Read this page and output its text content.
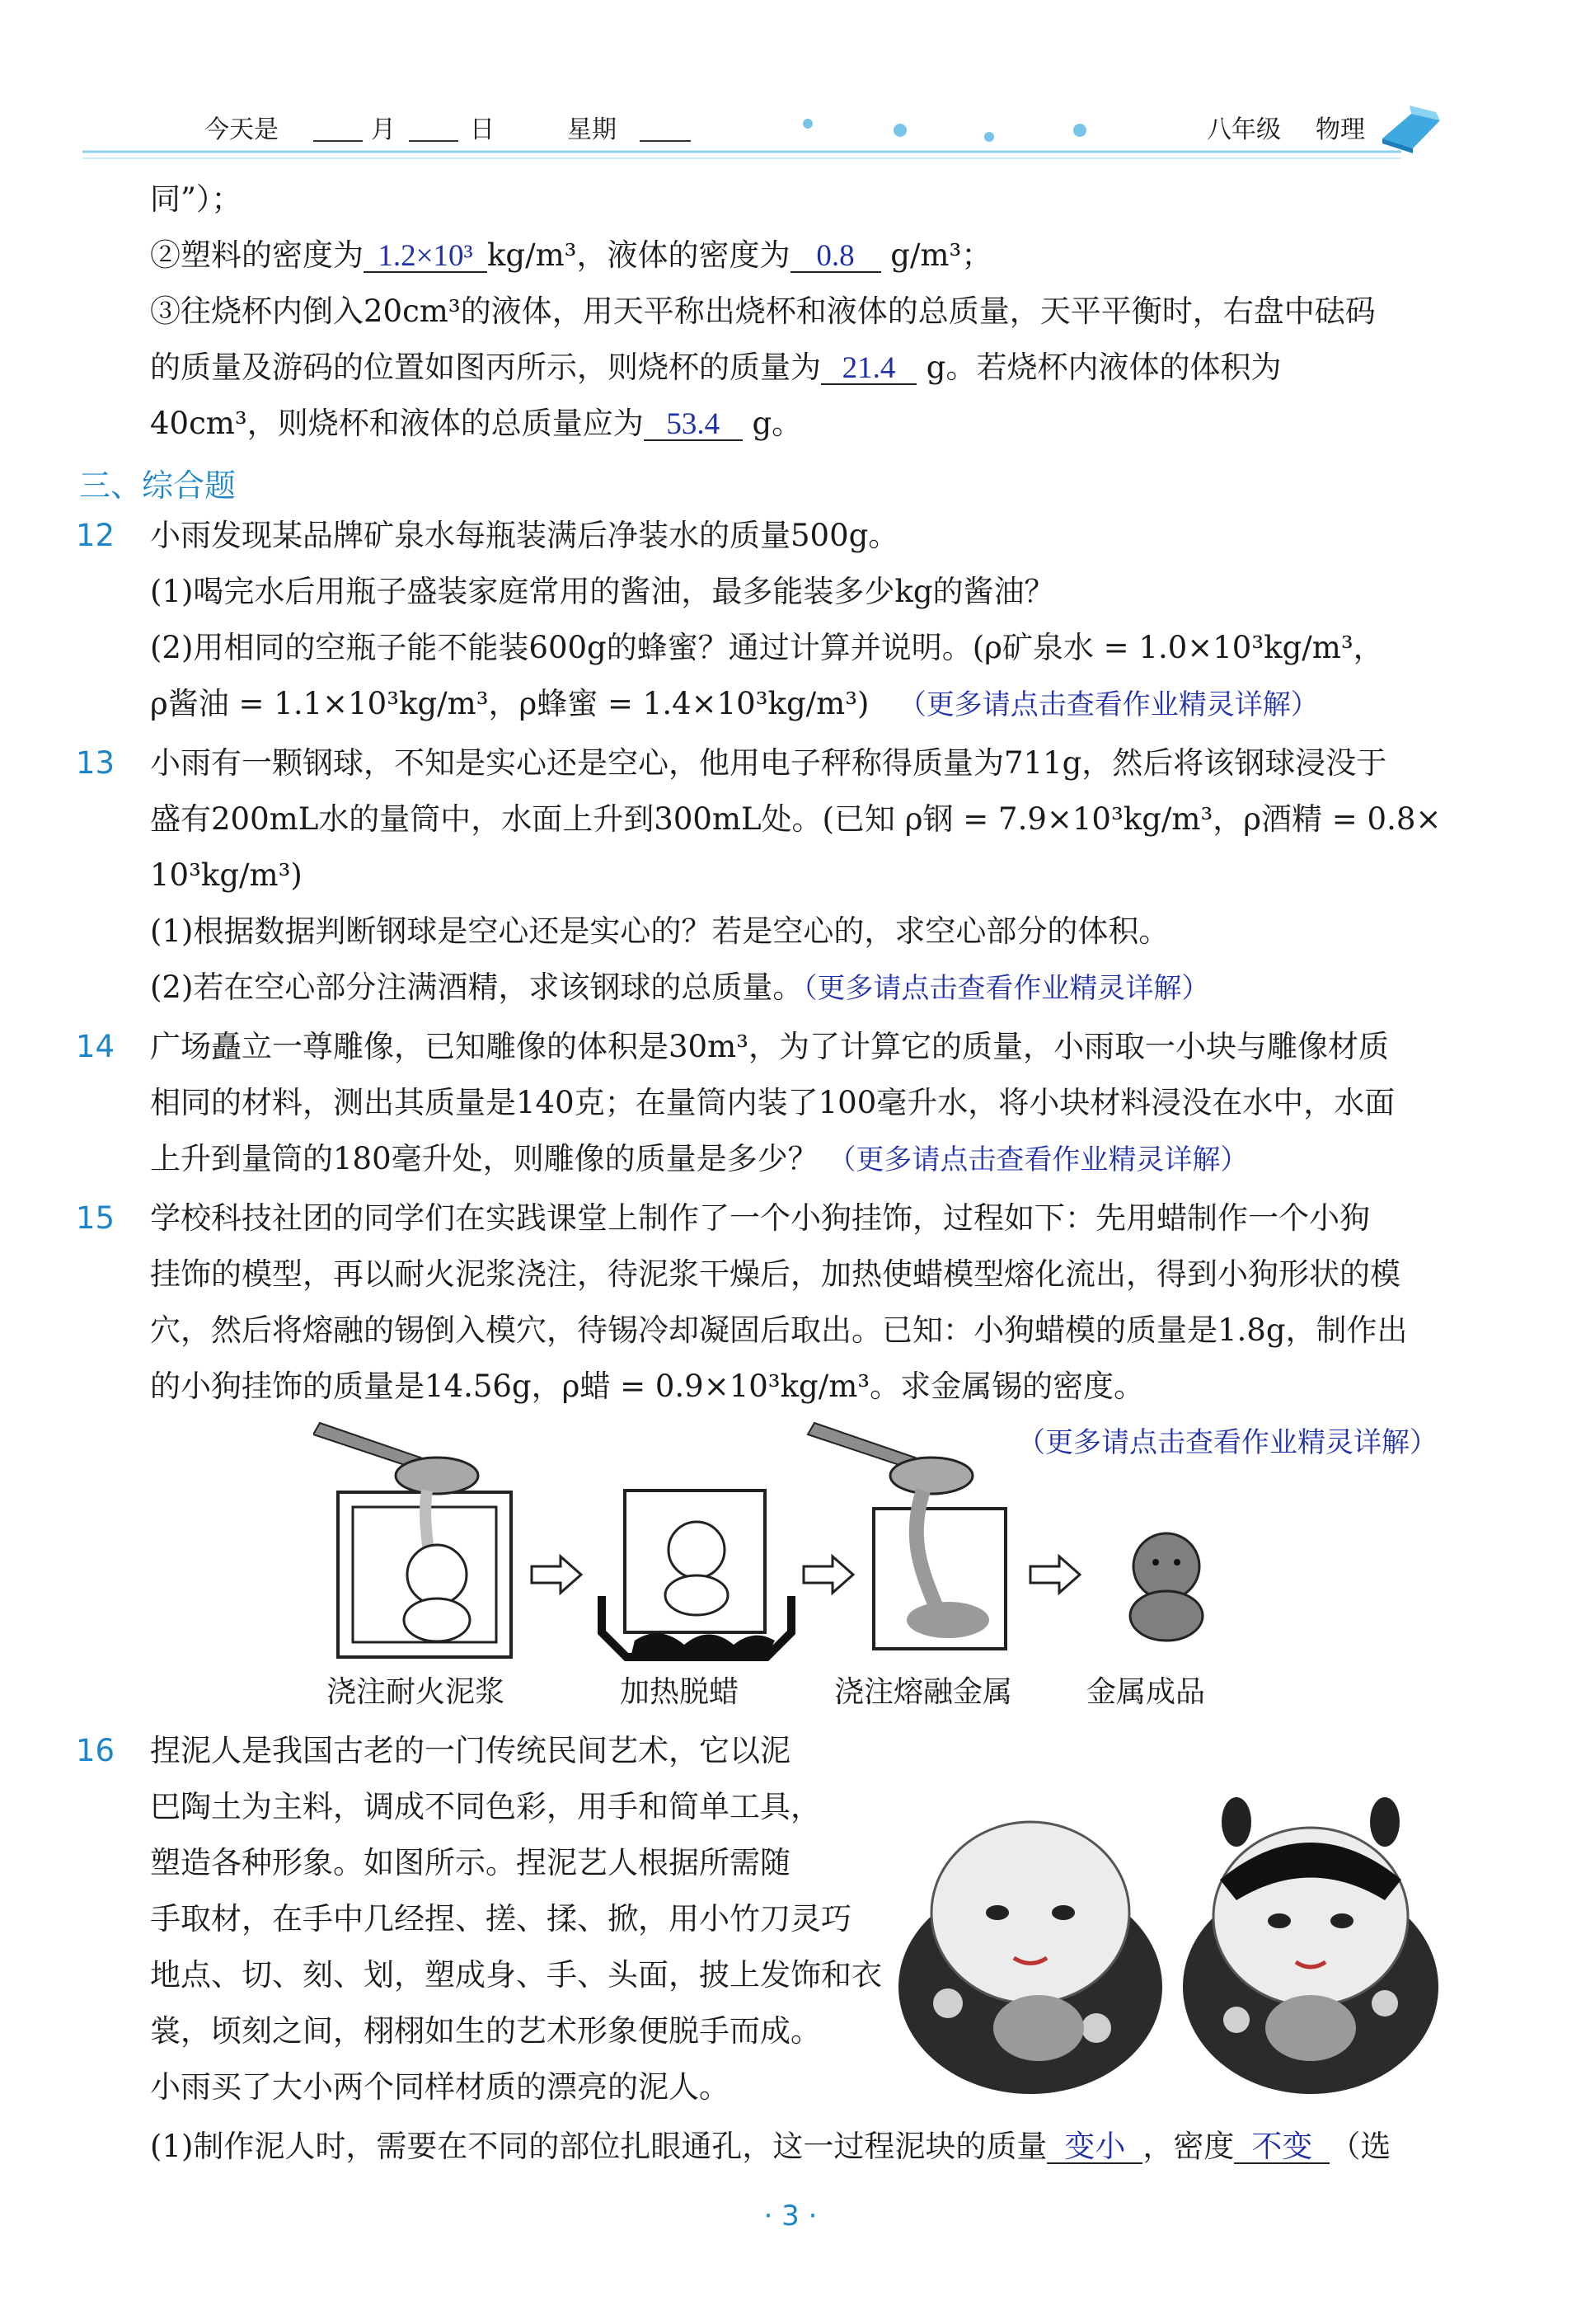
今天是	月	日	星期	八年级 物理
同”）；
②塑料的密度为 1.2×10³ kg/m³，液体的密度为 0.8 g/m³；
③往烧杯内倒入20cm³的液体，用天平称出烧杯和液体的总质量，天平平衡时，右盘中砝码
的质量及游码的位置如图丙所示，则烧杯的质量为 21.4 g。若烧杯内液体的体积为
40cm³，则烧杯和液体的总质量应为 53.4 g。
三、综合题
12 小雨发现某品牌矿泉水每瓶装满后净装水的质量500g。
(1)喝完水后用瓶子盛装家庭常用的酱油，最多能装多少kg的酱油？
(2)用相同的空瓶子能不能装600g的蜂蜜？通过计算并说明。(ρ矿泉水 = 1.0×10³kg/m³，
ρ酱油 = 1.1×10³kg/m³，ρ蜂蜜 = 1.4×10³kg/m³) （更多请点击查看作业精灵详解）
13 小雨有一颗钢球，不知是实心还是空心，他用电子秤称得质量为711g，然后将该钢球浸没于
盛有200mL水的量筒中，水面上升到300mL处。(已知 ρ钢 = 7.9×10³kg/m³，ρ酒精 = 0.8×
10³kg/m³)
(1)根据数据判断钢球是空心还是实心的？若是空心的，求空心部分的体积。
(2)若在空心部分注满酒精，求该钢球的总质量。（更多请点击查看作业精灵详解）
14 广场矗立一尊雕像，已知雕像的体积是30m³，为了计算它的质量，小雨取一小块与雕像材质
相同的材料，测出其质量是140克；在量筒内装了100毫升水，将小块材料浸没在水中，水面
上升到量筒的180毫升处，则雕像的质量是多少？ （更多请点击查看作业精灵详解）
15 学校科技社团的同学们在实践课堂上制作了一个小狗挂饰，过程如下：先用蜡制作一个小狗
挂饰的模型，再以耐火泥浆浇注，待泥浆干燥后，加热使蜡模型熔化流出，得到小狗形状的模
穴，然后将熔融的锡倒入模穴，待锡冷却凝固后取出。已知：小狗蜡模的质量是1.8g，制作出
的小狗挂饰的质量是14.56g，ρ蜡 = 0.9×10³kg/m³。求金属锡的密度。
（更多请点击查看作业精灵详解）
浇注耐火泥浆	加热脱蜡	浇注熔融金属 金属成品
16 捏泥人是我国古老的一门传统民间艺术，它以泥
巴陶土为主料，调成不同色彩，用手和简单工具，
塑造各种形象。如图所示。捏泥艺人根据所需随
手取材，在手中几经捏、搓、揉、掀，用小竹刀灵巧
地点、切、刻、划，塑成身、手、头面，披上发饰和衣
裳，顷刻之间，栩栩如生的艺术形象便脱手而成。
小雨买了大小两个同样材质的漂亮的泥人。
(1)制作泥人时，需要在不同的部位扎眼通孔，这一过程泥块的质量 变小 ，密度 不变 （选
· 3 ·
